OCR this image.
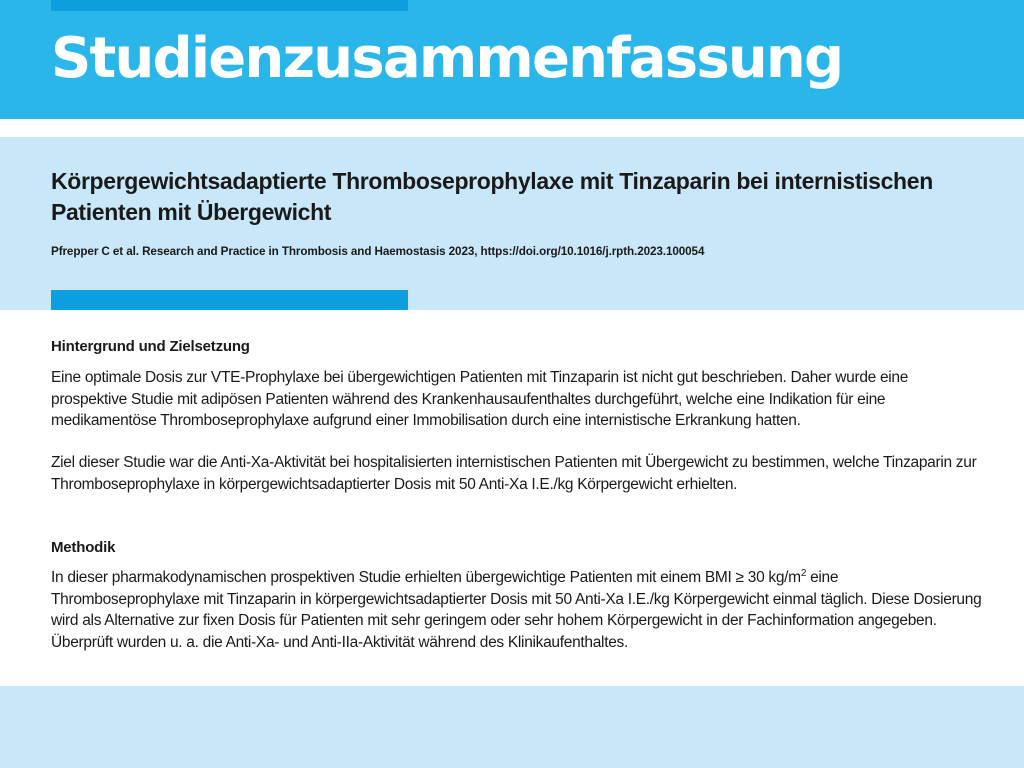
Studienzusammenfassung
Körpergewichtsadaptierte Thromboseprophylaxe mit Tinzaparin bei internistischen Patienten mit Übergewicht

Pfrepper C et al. Research and Practice in Thrombosis and Haemostasis 2023, https://doi.org/10.1016/j.rpth.2023.100054

Hintergrund und Zielsetzung

Eine optimale Dosis zur VTE-Prophylaxe bei übergewichtigen Patienten mit Tinzaparin ist nicht gut beschrieben. Daher wurde eine prospektive Studie mit adipösen Patienten während des Krankenhausaufenthaltes durchgeführt, welche eine Indikation für eine medikamentöse Thromboseprophylaxe aufgrund einer Immobilisation durch eine internistische Erkrankung hatten.

Ziel dieser Studie war die Anti-Xa-Aktivität bei hospitalisierten internistischen Patienten mit Übergewicht zu bestimmen, welche Tinzaparin zur Thromboseprophylaxe in körpergewichtsadaptierter Dosis mit 50 Anti-Xa I.E./kg Körpergewicht erhielten.

Methodik

In dieser pharmakodynamischen prospektiven Studie erhielten übergewichtige Patienten mit einem BMI ≥ 30 $kg/m^2$ eine Thromboseprophylaxe mit Tinzaparin in körpergewichtsadaptierter Dosis mit 50 Anti-Xa I.E./kg Körpergewicht einmal täglich. Diese Dosierung wird als Alternative zur fixen Dosis für Patienten mit sehr geringem oder sehr hohem Körpergewicht in der Fachinformation angegeben. Überprüft wurden u. a. die Anti-Xa- und Anti-IIa-Aktivität während des Klinikaufenthaltes.
